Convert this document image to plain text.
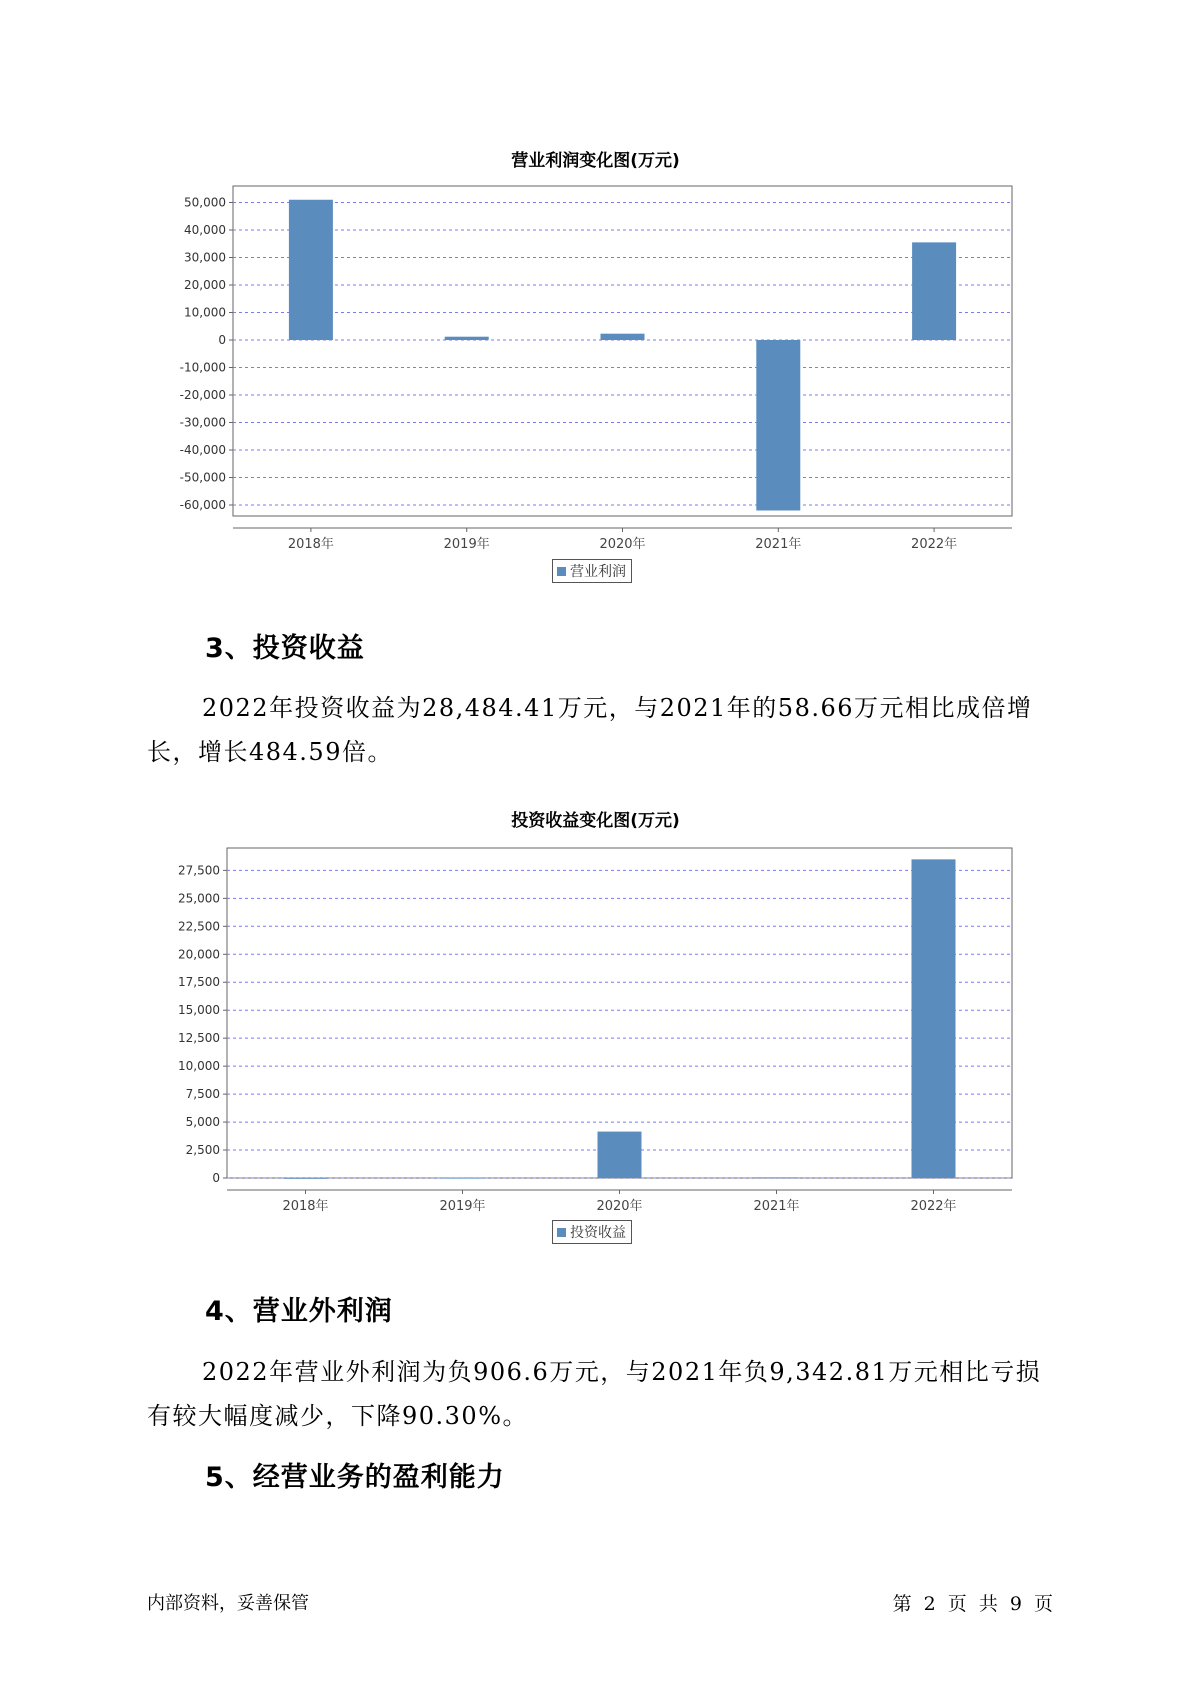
营业利润变化图(万元)
50,000
40,000
30,000
20,000
10,000
0
-10,000
-20,000
-30,000
-40,000
-50,000
-60,000
2018年	2019年	2020年	2021年	2022年
营业利润
3、投资收益

2022年投资收益为28,484.41万元，与2021年的58.66万元相比成倍增

长，增长484.59倍。

投资收益变化图(万元)
27,500
25,000
22,500
20,000
17,500
15,000
12,500
10,000
7,500
5,000
2,500
0
2018年	2019年	2020年	2021年	2022年
投资收益
4、营业外利润

2022年营业外利润为负906.6万元，与2021年负9,342.81万元相比亏损

有较大幅度减少，下降90.30%。

5、经营业务的盈利能力
内部资料，妥善保管	第 2 页 共 9 页
